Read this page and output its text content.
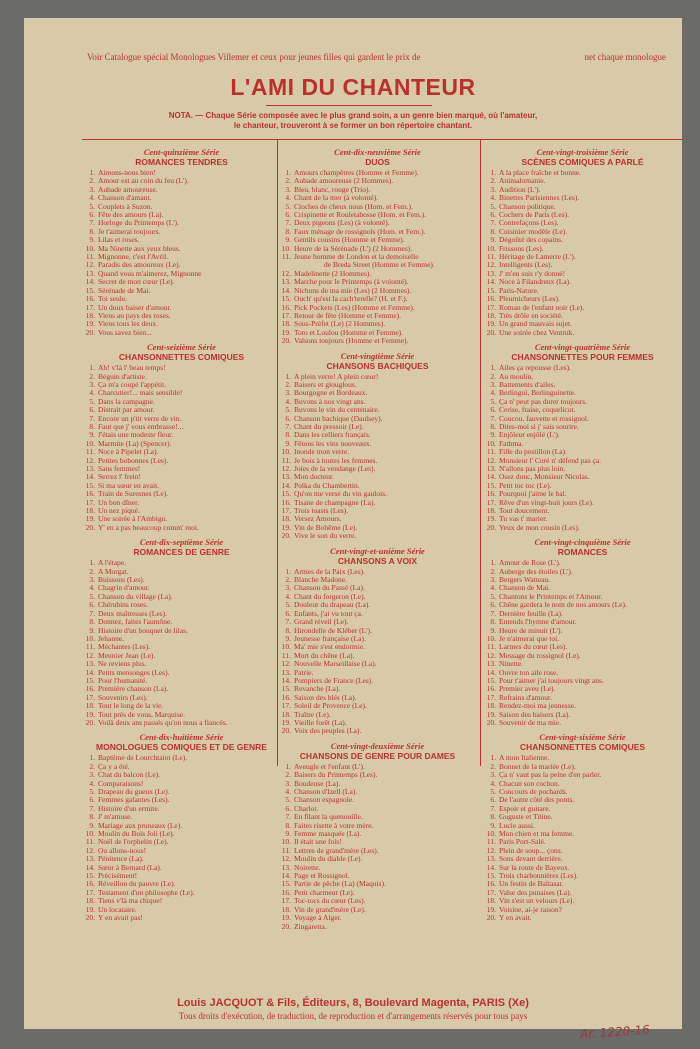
Voir Catalogue spécial Monologues Villemer et ceux pour jeunes filles qui gardent le prix de	net chaque monologue
L'AMI DU CHANTEUR
NOTA. — Chaque Série composée avec le plus grand soin, a un genre bien marqué, où l'amateur,
le chanteur, trouveront à se former un bon répertoire chantant.
Cent-quinzième Série
ROMANCES TENDRES
1. Aimons-nous bien!
2. Amour est au coin du feu (L').
3. Aubade amoureuse.
4. Chanson d'amant.
5. Couplets à Suzon.
6. Fête des amours (La).
7. Horloge du Printemps (L').
8. Je t'aimerai toujours.
9. Lilas et roses.
10. Ma Ninette aux yeux bleus.
11. Mignonne, c'est l'Avril.
12. Paradis des amoureux (Le).
13. Quand vous m'aimerez, Mignonne
14. Secret de mon cœur (Le).
15. Sérénade de Mai.
16. Toi seule.
17. Un doux baiser d'amour.
18. Viens au pays des roses.
19. Viens tous les deux.
20. Vous savez bien...
Cent-seizième Série
CHANSONNETTES COMIQUES
1. Ah! v'là l' beau temps!
2. Béguin d'artiste.
3. Ça m'a coupé l'appétit.
4. Charcutier!... mais sensible!
5. Dans la campagne.
6. Distrait par amour.
7. Encore un p'tit verre de vin.
8. Faut que j' vous embrasse!...
9. J'étais une modeste fleur.
10. Marmite (La) (Spencer).
11. Noce à Pipelet (La).
12. Petites bobonnes (Les).
13. Sans femmes!
14. Serrez l' frein!
15. Si ma sœur en avait.
16. Train de Suresnes (Le).
17. Un bon dîner.
18. Un nez piqué.
19. Une soirée à l'Ambigu.
20. Y' en a pas beaucoup comm' moi.
Cent-dix-septième Série
ROMANCES DE GENRE
1. A l'étape.
2. A Morgat.
3. Buissons (Les).
4. Chagrin d'amour.
5. Chanson du village (La).
6. Chérubins roses.
7. Deux maîtresses (Les).
8. Donnez, faites l'aumône.
9. Histoire d'un bouquet de lilas.
10. Jehanne.
11. Méchantes (Les).
12. Meunier Jean (Le).
13. Ne reviens plus.
14. Petits mensonges (Les).
15. Pour l'humanité.
16. Première chanson (La).
17. Souvenirs (Les).
18. Tout le long de la vie.
19. Tout près de vous, Marquise.
20. Voilà deux ans passés qu'on nous a fiancés.
Cent-dix-huitième Série
MONOLOGUES COMIQUES ET DE GENRE
1. Baptême de Lourchtaiot (Le).
2. Ça y a été.
3. Chat du balcon (Le).
4. Comparaisons!
5. Drapeau du gueux (Le).
6. Femmes galantes (Les).
7. Histoire d'un ermite.
8. J' m'amuse.
9. Mariage aux pruneaux (Le).
10. Moulin du Bois Joli (Le).
11. Noël de l'orphelin (Le).
12. Ou allons-nous!
13. Pénitence (La).
14. Sœur à Bernard (La).
15. Précisément!
16. Réveillon du pauvre (Le).
17. Testament d'un philosophe (Le).
18. Tiens v'là ma chique!
19. Un locataire.
20. Y en avait pas!
Cent-dix-neuvième Série
DUOS
1. Amours champêtres (Homme et Femme).
2. Aubade amoureuse (2 Hommes).
3. Bleu, blanc, rouge (Trio).
4. Chant de la mer (à volonté).
5. Cloches de cheux nous (Hom. et Fem.).
6. Crispinette et Rouletabosse (Hom. et Fem.).
7. Deux pigeons (Les) (à volonté).
8. Faux ménage de rossignols (Hom. et Fem.).
9. Gentils cousins (Homme et Femme).
10. Heure de la Sérénade (L') (2 Hommes).
11. Jeune homme de London et la demoiselle
de Breda Street (Homme et Femme).
12. Madelinette (2 Hommes).
13. Marche pour le Printemps (à volonté).
14. Nichons de ma mie (Les) (2 Hommes).
15. Ouch' qu'est la cach'terelle? (H. et F.).
16. Pick Pockets (Les) (Homme et Femme).
17. Retour de fête (Homme et Femme).
18. Sous-Préfet (Le) (2 Hommes).
19. Toto et Loulou (Homme et Femme).
20. Valsons toujours (Homme et Femme).
Cent-vingtième Série
CHANSONS BACHIQUES
1. A plein verre! A plein cœur!
2. Baisers et glouglous.
3. Bourgogne et Bordeaux.
4. Buvons à nos vingt ans.
5. Buvons le vin du centenaire.
6. Chanson bachique (Daulsey).
7. Chant du pressoir (Le).
8. Dans les celliers français.
9. Fêtons les vins nouveaux.
10. Inonde mon verre.
11. Je bois à toutes les femmes.
12. Joies de la vendange (Les).
13. Mon docteur.
14. Polka du Chambertin.
15. Qu'on me verse du vin gaulois.
16. Tisane de champagne (La).
17. Trois toasts (Les).
18. Versez Amours.
19. Vin de Bohême (Le).
20. Vive le son du verre.
Cent-vingt-et-unième Série
CHANSONS A VOIX
1. Armes de la Paix (Les).
2. Blanche Madone.
3. Chanson du Passé (La).
4. Chant du forgeron (Le).
5. Douleur du drapeau (La).
6. Enfants, j'ai vu tout ça.
7. Grand réveil (Le).
8. Hirondelle de Kléber (L').
9. Jeunesse française (La).
10. Ma' mie s'est endormie.
11. Mort du chêne (La).
12. Nouvelle Marseillaise (La).
13. Patrie.
14. Pompiers de France (Les).
15. Revanche (La).
16. Saison des blés (La).
17. Soleil de Provence (Le).
18. Traître (Le).
19. Vieille forêt (La).
20. Voix des peuples (La).
Cent-vingt-deuxième Série
CHANSONS DE GENRE POUR DAMES
1. Aveugle et l'enfant (L').
2. Baisers du Printemps (Les).
3. Boudeuse (La).
4. Chanson d'Izell (La).
5. Chanson espagnole.
6. Charlot.
7. En filant la quenouille.
8. Faites risette à votre mère.
9. Femme masquée (La).
10. Il était une fois!
11. Lettres de grand'mère (Les).
12. Moulin du diable (Le).
13. Noirette.
14. Page et Rossignol.
15. Partie de pêche (La) (Maquis).
16. Petit charmeur (Le).
17. Toc-tocs du cœur (Les).
18. Vin de grand'mère (Le).
19. Voyage à Alger.
20. Zingaretta.
Cent-vingt-troisième Série
SCÈNES COMIQUES A PARLÉ
1. A la place fraîche et bonne.
2. Animalomanie.
3. Audition (L').
4. Binettes Parisiennes (Les).
5. Chanson politique.
6. Cochers de Paris (Les).
7. Contrefaçons (Les).
8. Cuisinier modèle (Le).
9. Dégoûté des copains.
10. Frissons (Les).
11. Héritage de Lamerre (L').
12. Intelligents (Les).
13. J' m'en suis r'y donné!
14. Noce à Filandreux (La).
15. Paris-Nature.
16. Pleurnicheurs (Les).
17. Roman de l'enfant noir (Le).
18. Très drôle en société.
19. Un grand mauvais sujet.
20. Une soirée chez Ventruk.
Cent-vingt-quatrième Série
CHANSONNETTES POUR FEMMES
1. Ailes ça repousse (Les).
2. Au moulin.
3. Battements d'ailes.
4. Berlingui, Berlinguinette.
5. Ça n' peut pas durer toujours.
6. Cerise, fraise, coquelicot.
7. Coucou, fauvette et rossignol.
8. Dites-moi si j' sais sourire.
9. Enjôleur enjôlé (L').
10. Fathma.
11. Fille du postillon (La).
12. Monsieur l' Curé n' défend pas ça.
13. N'allons pas plus loin.
14. Osez donc, Monsieur Nicolas.
15. Petit toc toc (Le).
16. Pourquoi j'aime le bal.
17. Rêve d'un vingt-huit jours (Le).
18. Tout doucement.
19. Tu vas t' marier.
20. Yeux de mon cousin (Les).
Cent-vingt-cinquième Série
ROMANCES
1. Amour de Rose (L').
2. Auberge des étoiles (L').
3. Bergers Watteau.
4. Chanson de Mai.
5. Chantons le Printemps et l'Amour.
6. Chêne gardera le nom de nos amours (Le).
7. Dernière feuille (La).
8. Entends l'hymne d'amour.
9. Heure de minuit (L').
10. Je n'aimerai que toi.
11. Larmes du cœur (Les).
12. Message du rossignol (Le).
13. Ninette.
14. Ouvre ton aile rose.
15. Pour t'aimer j'ai toujours vingt ans.
16. Premier aveu (Le).
17. Refrains d'amour.
18. Rendez-moi ma jeunesse.
19. Saison des baisers (La).
20. Souvenir de ma mie.
Cent-vingt-sixième Série
CHANSONNETTES COMIQUES
1. A mon Italienne.
2. Bonnet de la mariée (Le).
3. Ça n' vaut pas la peine d'en parler.
4. Chacun son cochon.
5. Concours de pochards.
6. De l'autre côté des ponts.
7. Espoir et guitare.
8. Guguste et Titine.
9. Lucie aussi.
10. Mon chien et ma femme.
11. Paris Port-Salé.
12. Plein de soup... çons.
13. Sons devant derrière.
14. Sur la route de Bayeux.
15. Trois charbonnières (Les).
16. Un festin de Baltasar.
17. Valse des punaises (La).
18. Vin s'est un velours (Le).
19. Voisine, ai-je raison?
20. Y en avait.
Louis JACQUOT & Fils, Éditeurs, 8, Boulevard Magenta, PARIS (Xe)
Tous droits d'exécution, de traduction, de reproduction et d'arrangements réservés pour tous pays
Ar. 1220-16
